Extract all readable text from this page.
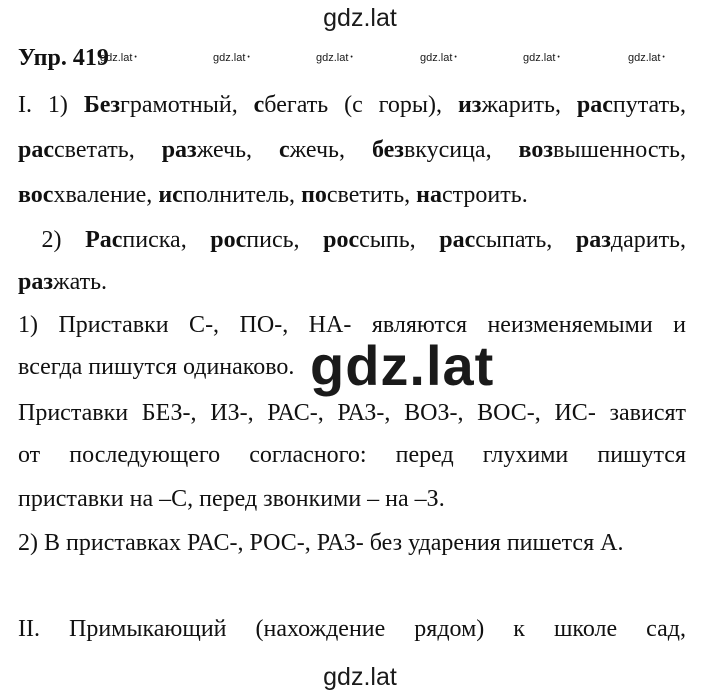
gdz.lat
Упр. 419
gdz.lat •	gdz.lat •	gdz.lat •	gdz.lat •	gdz.lat •	gdz.lat •
I. 1) Безграмотный, сбегать (с горы), изжарить, распутать,
рассветать, разжечь, сжечь, безвкусица, возвышенность,
восхваление, исполнитель, посветить, настроить.
2) Расписка, роспись, россыпь, рассыпать, раздарить,
разжать.
1) Приставки С-, ПО-, НА- являются неизменяемыми и
всегда пишутся одинаково.
Приставки БЕЗ-, ИЗ-, РАС-, РАЗ-, ВОЗ-, ВОС-, ИС- зависят
от последующего согласного: перед глухими пишутся
приставки на –С, перед звонкими – на –З.
2) В приставках РАС-, РОС-, РАЗ- без ударения пишется А.
II. Примыкающий (нахождение рядом) к школе сад,
gdz.lat
gdz.lat
